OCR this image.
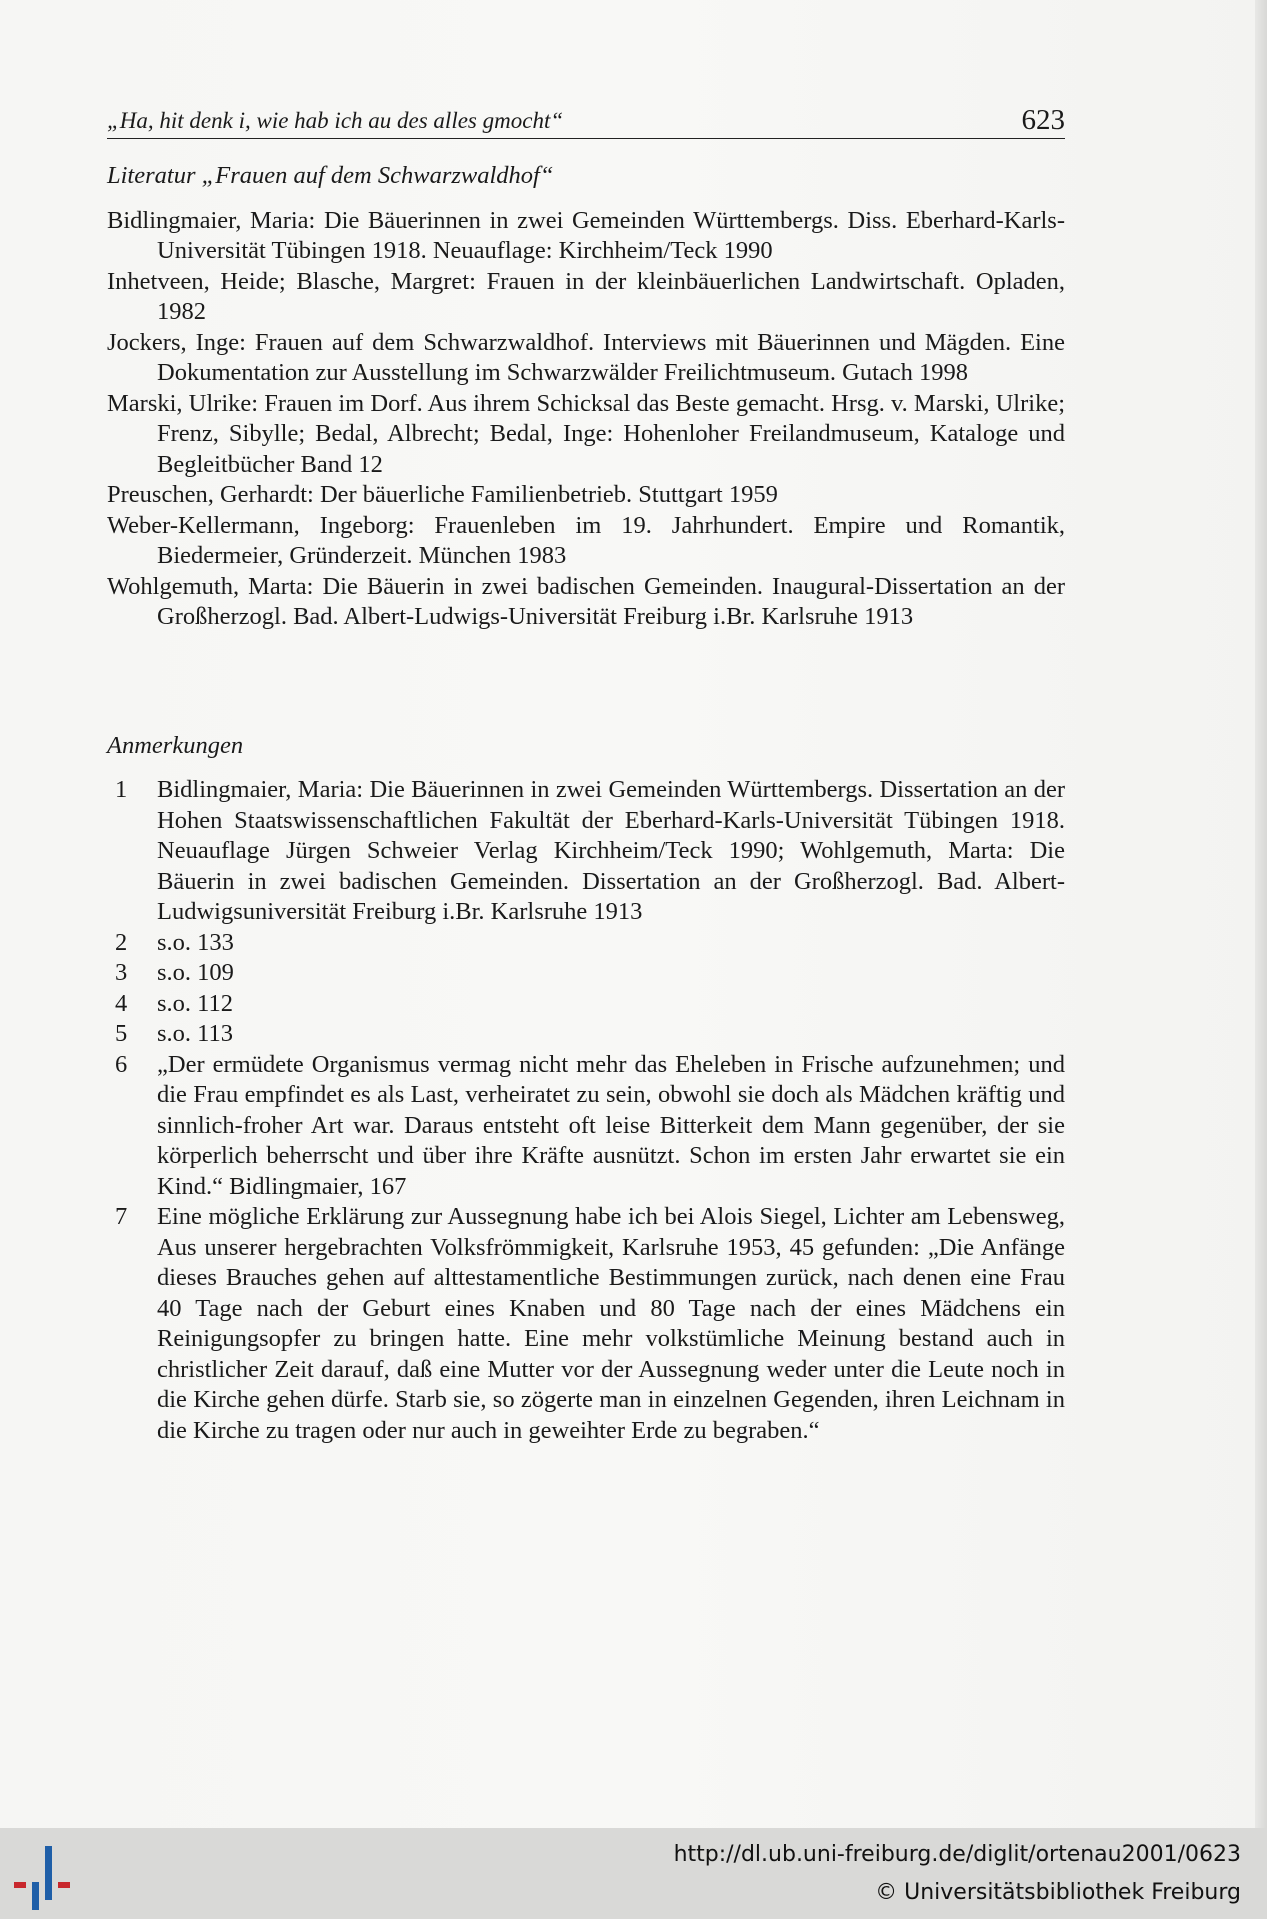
„Ha, hit denk i, wie hab ich au des alles gmocht“	623
Literatur „Frauen auf dem Schwarzwaldhof“
Bidlingmaier, Maria: Die Bäuerinnen in zwei Gemeinden Württembergs. Diss. Eberhard-Karls-Universität Tübingen 1918. Neuauflage: Kirchheim/Teck 1990
Inhetveen, Heide; Blasche, Margret: Frauen in der kleinbäuerlichen Landwirtschaft. Opladen, 1982
Jockers, Inge: Frauen auf dem Schwarzwaldhof. Interviews mit Bäuerinnen und Mägden. Eine Dokumentation zur Ausstellung im Schwarzwälder Freilichtmuseum. Gutach 1998
Marski, Ulrike: Frauen im Dorf. Aus ihrem Schicksal das Beste gemacht. Hrsg. v. Marski, Ulrike; Frenz, Sibylle; Bedal, Albrecht; Bedal, Inge: Hohenloher Freilandmuseum, Kataloge und Begleitbücher Band 12
Preuschen, Gerhardt: Der bäuerliche Familienbetrieb. Stuttgart 1959
Weber-Kellermann, Ingeborg: Frauenleben im 19. Jahrhundert. Empire und Romantik, Biedermeier, Gründerzeit. München 1983
Wohlgemuth, Marta: Die Bäuerin in zwei badischen Gemeinden. Inaugural-Dissertation an der Großherzogl. Bad. Albert-Ludwigs-Universität Freiburg i.Br. Karlsruhe 1913
Anmerkungen
1	Bidlingmaier, Maria: Die Bäuerinnen in zwei Gemeinden Württembergs. Dissertation an der Hohen Staatswissenschaftlichen Fakultät der Eberhard-Karls-Universität Tübingen 1918. Neuauflage Jürgen Schweier Verlag Kirchheim/Teck 1990; Wohlgemuth, Marta: Die Bäuerin in zwei badischen Gemeinden. Dissertation an der Großherzogl. Bad. Albert-Ludwigsuniversität Freiburg i.Br. Karlsruhe 1913
2	s.o. 133
3	s.o. 109
4	s.o. 112
5	s.o. 113
6	„Der ermüdete Organismus vermag nicht mehr das Eheleben in Frische aufzunehmen; und die Frau empfindet es als Last, verheiratet zu sein, obwohl sie doch als Mädchen kräftig und sinnlich-froher Art war. Daraus entsteht oft leise Bitterkeit dem Mann gegenüber, der sie körperlich beherrscht und über ihre Kräfte ausnützt. Schon im ersten Jahr erwartet sie ein Kind.“ Bidlingmaier, 167
7	Eine mögliche Erklärung zur Aussegnung habe ich bei Alois Siegel, Lichter am Lebensweg, Aus unserer hergebrachten Volksfrömmigkeit, Karlsruhe 1953, 45 gefunden: „Die Anfänge dieses Brauches gehen auf alttestamentliche Bestimmungen zurück, nach denen eine Frau 40 Tage nach der Geburt eines Knaben und 80 Tage nach der eines Mädchens ein Reinigungsopfer zu bringen hatte. Eine mehr volkstümliche Meinung bestand auch in christlicher Zeit darauf, daß eine Mutter vor der Aussegnung weder unter die Leute noch in die Kirche gehen dürfe. Starb sie, so zögerte man in einzelnen Gegenden, ihren Leichnam in die Kirche zu tragen oder nur auch in geweihter Erde zu begraben.“
http://dl.ub.uni-freiburg.de/diglit/ortenau2001/0623
© Universitätsbibliothek Freiburg
